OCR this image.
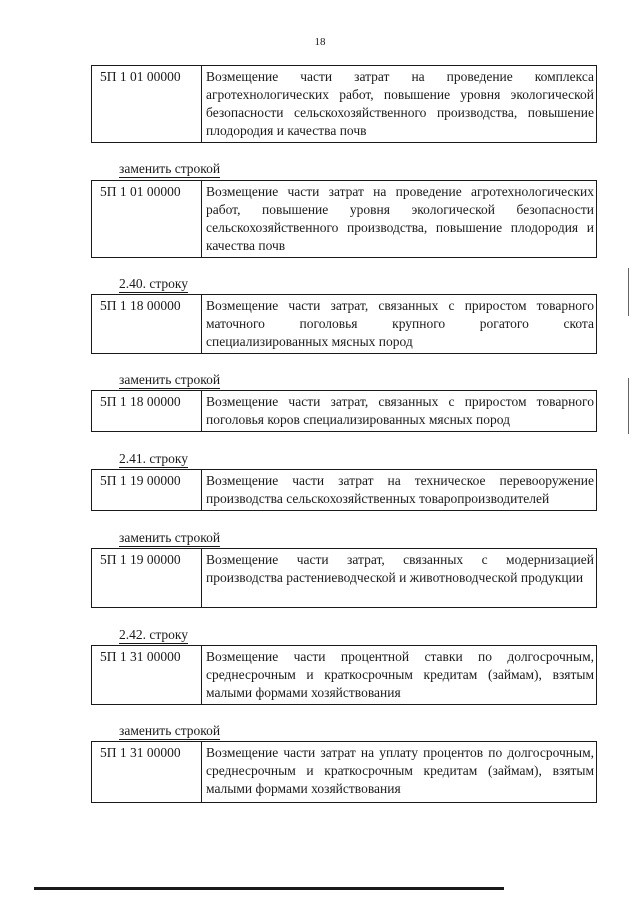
18
5П 1 01 00000	Возмещение части затрат на проведение комплекса агротехнологических работ, повышение уровня экологической безопасности сельскохозяйственного производства, повышение плодородия и качества почв
заменить строкой
5П 1 01 00000	Возмещение части затрат на проведение агротехнологических работ, повышение уровня экологической безопасности сельскохозяйственного производства, повышение плодородия и качества почв
2.40. строку
5П 1 18 00000	Возмещение части затрат, связанных с приростом товарного маточного поголовья крупного рогатого скота специализированных мясных пород
заменить строкой
5П 1 18 00000	Возмещение части затрат, связанных с приростом товарного поголовья коров специализированных мясных пород
2.41. строку
5П 1 19 00000	Возмещение части затрат на техническое перевооружение производства сельскохозяйственных товаропроизводителей
заменить строкой
5П 1 19 00000	Возмещение части затрат, связанных с модернизацией производства растениеводческой и животноводческой продукции
2.42. строку
5П 1 31 00000	Возмещение части процентной ставки по долгосрочным, среднесрочным и краткосрочным кредитам (займам), взятым малыми формами хозяйствования
заменить строкой
5П 1 31 00000	Возмещение части затрат на уплату процентов по долгосрочным, среднесрочным и краткосрочным кредитам (займам), взятым малыми формами хозяйствования
